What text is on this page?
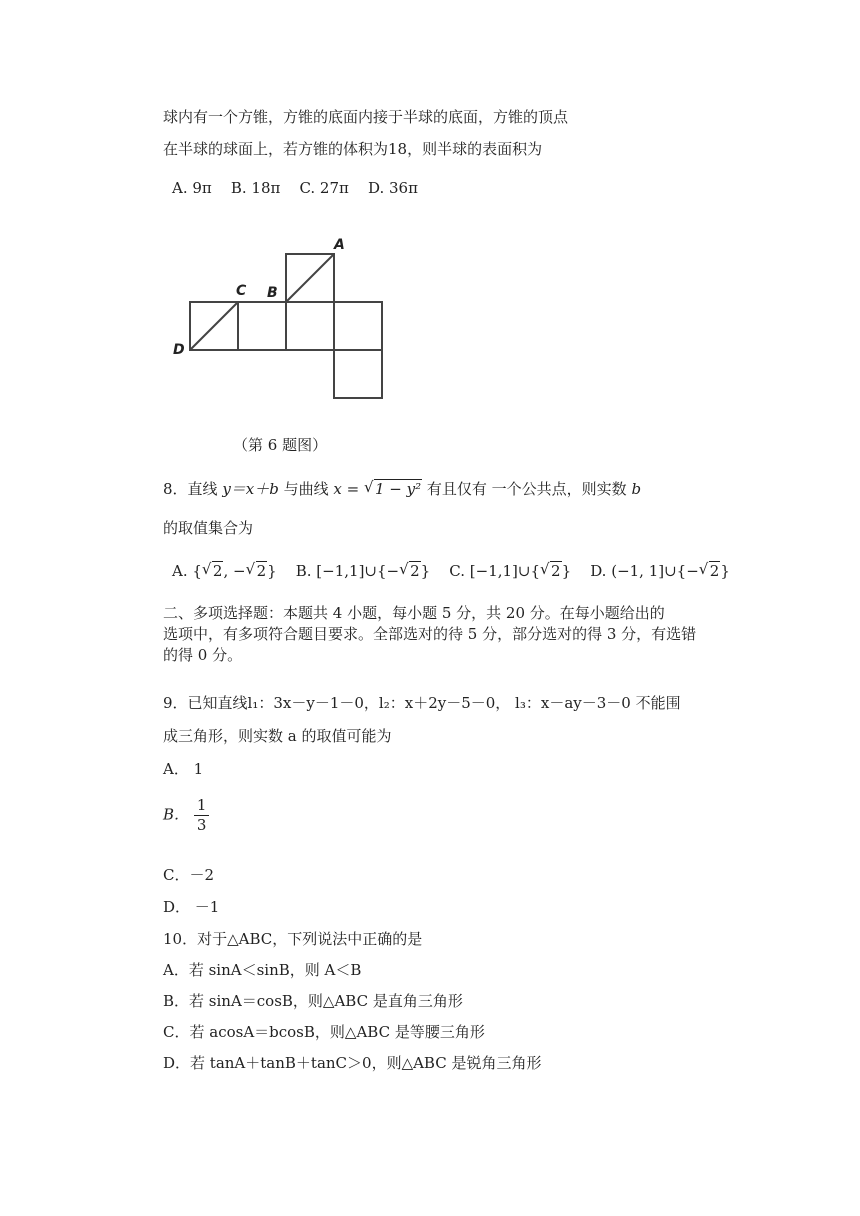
球内有一个方锥，方锥的底面内接于半球的底面，方锥的顶点
在半球的球面上，若方锥的体积为18，则半球的表面积为
A. 9π B. 18π C. 27π D. 36π
A
B
C
D
（第 6 题图）
8．直线 y＝x＋b 与曲线 x = √ 1 − y² 有且仅有 一个公共点，则实数 b
的取值集合为
A. { √ 2, − √ 2} B. [−1,1]∪{− √ 2} C. [−1,1]∪{ √ 2} D. (−1, 1]∪{− √ 2}
二、多项选择题：本题共 4 小题，每小题 5 分，共 20 分。在每小题给出的
选项中，有多项符合题目要求。全部选对的待 5 分，部分选对的得 3 分，有选错
的得 0 分。
9．已知直线l₁：3x－y－1－0，l₂：x＋2y－5－0， l₃：x－ay－3－0 不能围
成三角形，则实数 a 的取值可能为
A． 1
B． $\frac{1}{3}$
C．－2
D． －1
10．对于△ABC，下列说法中正确的是
A．若 sinA＜sinB，则 A＜B
B．若 sinA＝cosB，则△ABC 是直角三角形
C．若 acosA＝bcosB，则△ABC 是等腰三角形
D．若 tanA＋tanB＋tanC＞0，则△ABC 是锐角三角形
